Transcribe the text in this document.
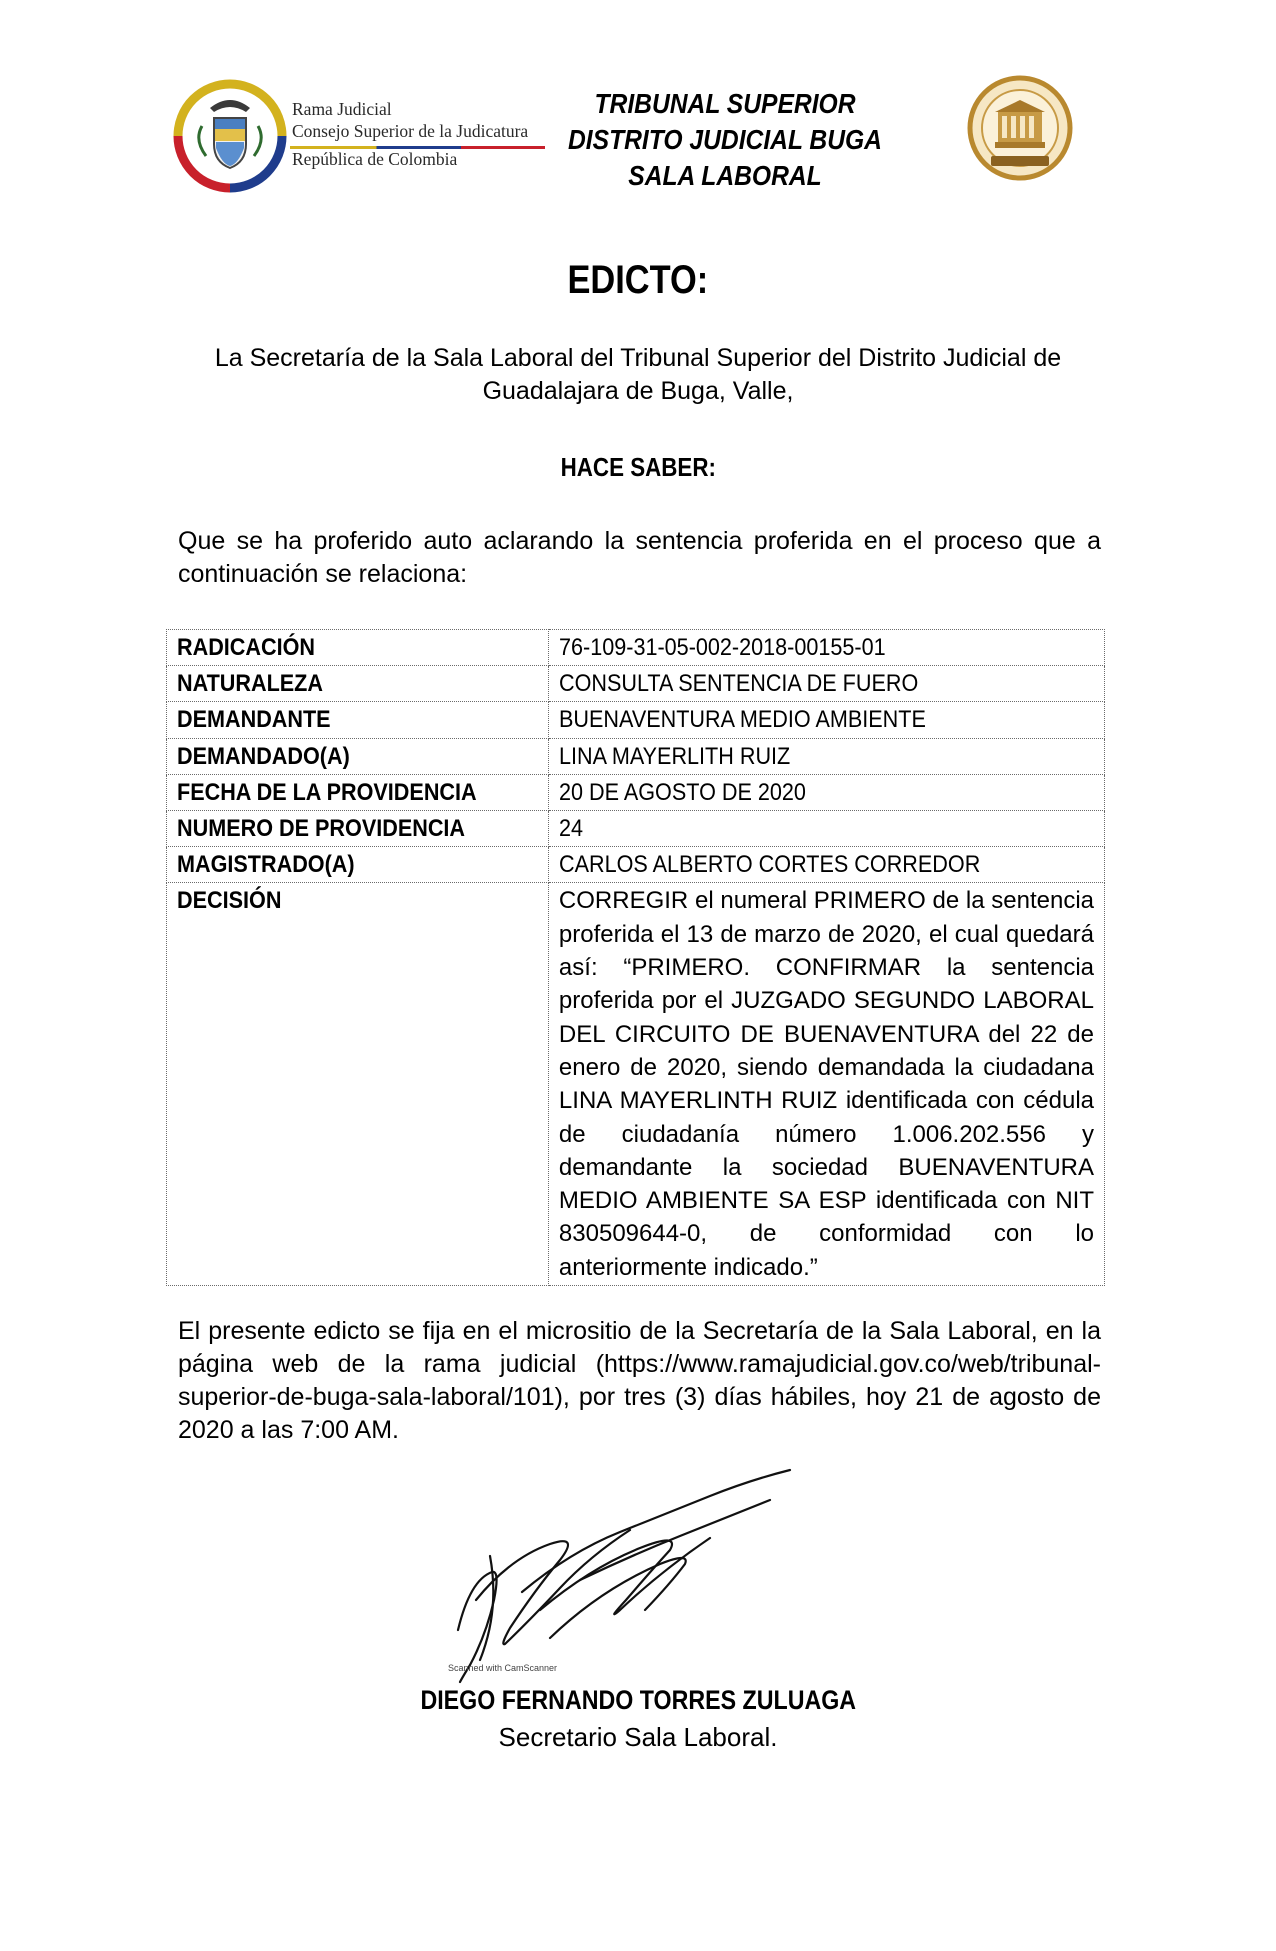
Rama Judicial
Consejo Superior de la Judicatura
República de Colombia
TRIBUNAL SUPERIOR
DISTRITO JUDICIAL BUGA
SALA LABORAL
EDICTO:
La Secretaría de la Sala Laboral del Tribunal Superior del Distrito Judicial de Guadalajara de Buga, Valle,
HACE SABER:
Que se ha proferido auto aclarando la sentencia proferida en el proceso que a continuación se relaciona:
RADICACIÓN	76-109-31-05-002-2018-00155-01
NATURALEZA	CONSULTA SENTENCIA DE FUERO
DEMANDANTE	BUENAVENTURA MEDIO AMBIENTE
DEMANDADO(A)	LINA MAYERLITH RUIZ
FECHA DE LA PROVIDENCIA	20 DE AGOSTO DE 2020
NUMERO DE PROVIDENCIA	24
MAGISTRADO(A)	CARLOS ALBERTO CORTES CORREDOR
DECISIÓN	CORREGIR el numeral PRIMERO de la sentencia proferida el 13 de marzo de 2020, el cual quedará así: “PRIMERO. CONFIRMAR la sentencia proferida por el JUZGADO SEGUNDO LABORAL DEL CIRCUITO DE BUENAVENTURA del 22 de enero de 2020, siendo demandada la ciudadana LINA MAYERLINTH RUIZ identificada con cédula de ciudadanía número 1.006.202.556 y demandante la sociedad BUENAVENTURA MEDIO AMBIENTE SA ESP identificada con NIT 830509644-0, de conformidad con lo anteriormente indicado.”
El presente edicto se fija en el micrositio de la Secretaría de la Sala Laboral, en la página web de la rama judicial (https://www.ramajudicial.gov.co/web/tribunal-superior-de-buga-sala-laboral/101), por tres (3) días hábiles, hoy 21 de agosto de 2020 a las 7:00 AM.
Scanned with CamScanner
DIEGO FERNANDO TORRES ZULUAGA
Secretario Sala Laboral.
